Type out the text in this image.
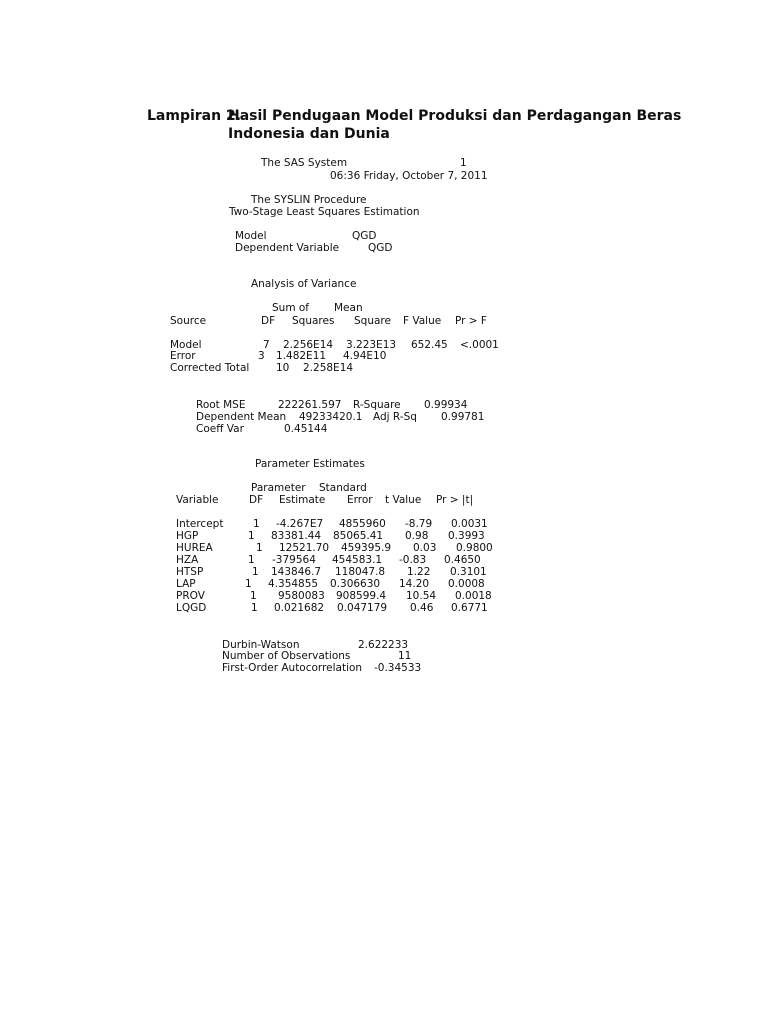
Lampiran 2.
Hasil Pendugaan Model Produksi dan Perdagangan Beras
Indonesia dan Dunia
The SAS System	1
06:36 Friday, October 7, 2011
The SYSLIN Procedure
Two-Stage Least Squares Estimation
Model	QGD
Dependent Variable	QGD
Analysis of Variance
Sum of Mean
Source	DF Squares Square F Value Pr > F
Model	7 2.256E14 3.223E13 652.45 <.0001
Error	3 1.482E11 4.94E10
Corrected Total	10 2.258E14
Root MSE	222261.597 R-Square 0.99934
Dependent Mean 49233420.1 Adj R-Sq 0.99781
Coeff Var	0.45144
Parameter Estimates
Parameter Standard
Variable	DF Estimate Error t Value Pr > |t|
Intercept	1 -4.267E7 4855960 -8.79 0.0031
HGP	1 83381.44 85065.41 0.98 0.3993
HUREA	1 12521.70 459395.9 0.03 0.9800
HZA	1 -379564 454583.1 -0.83 0.4650
HTSP	1 143846.7 118047.8 1.22 0.3101
LAP	1 4.354855 0.306630 14.20 0.0008
PROV	1 9580083 908599.4 10.54 0.0018
LQGD	1 0.021682 0.047179 0.46 0.6771
Durbin-Watson	2.622233
Number of Observations	11
First-Order Autocorrelation -0.34533
